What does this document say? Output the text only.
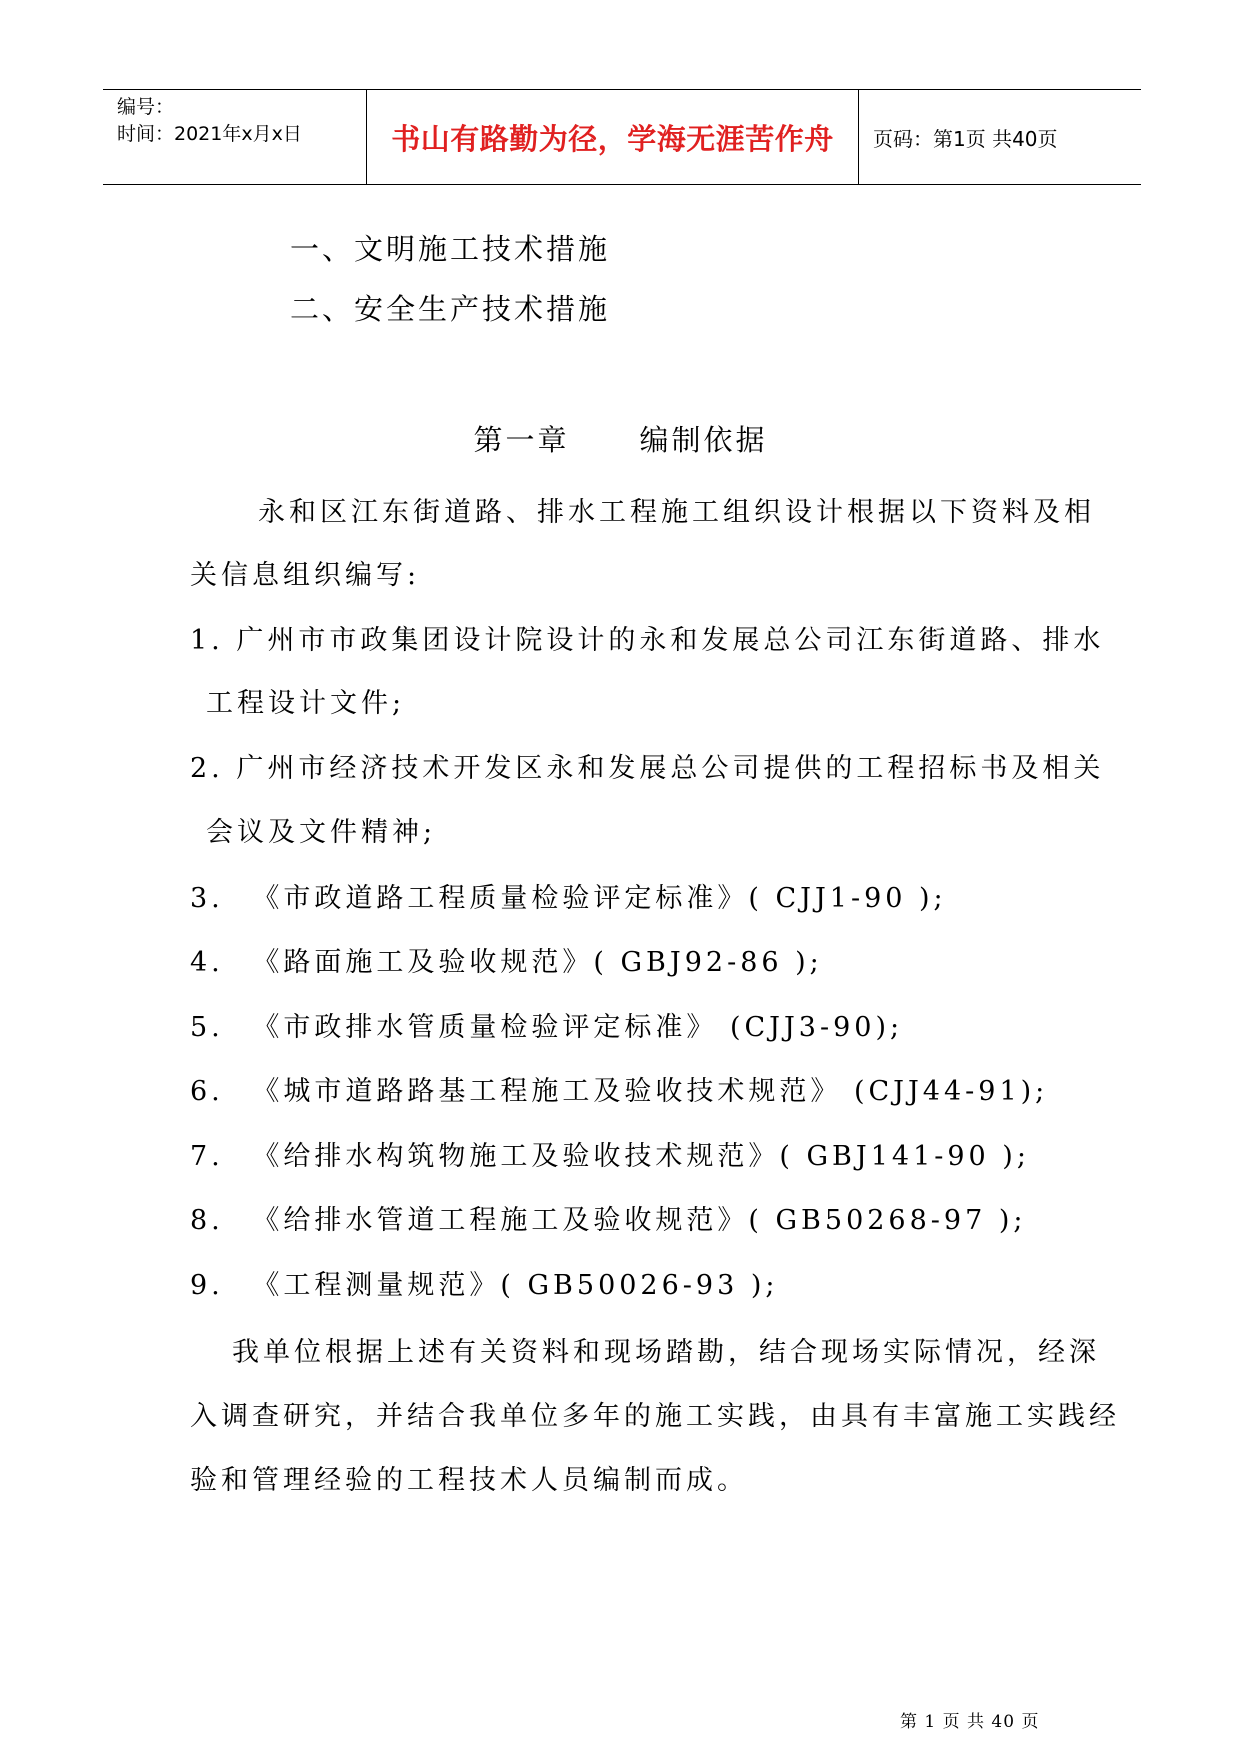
编号：
时间：2021年x月x日	书山有路勤为径，学海无涯苦作舟	页码：第1页 共40页
一、文明施工技术措施
二、安全生产技术措施
第一章 编制依据
永和区江东街道路、排水工程施工组织设计根据以下资料及相
关信息组织编写:
1. 广州市市政集团设计院设计的永和发展总公司江东街道路、排水
工程设计文件;
2. 广州市经济技术开发区永和发展总公司提供的工程招标书及相关
会议及文件精神;
3. 《市政道路工程质量检验评定标准》( CJJ1-90 );
4. 《路面施工及验收规范》( GBJ92-86 );
5. 《市政排水管质量检验评定标准》 (CJJ3-90);
6. 《城市道路路基工程施工及验收技术规范》 (CJJ44-91);
7. 《给排水构筑物施工及验收技术规范》( GBJ141-90 );
8. 《给排水管道工程施工及验收规范》( GB50268-97 );
9. 《工程测量规范》( GB50026-93 );
我单位根据上述有关资料和现场踏勘，结合现场实际情况，经深
入调查研究，并结合我单位多年的施工实践，由具有丰富施工实践经
验和管理经验的工程技术人员编制而成。
第 1 页 共 40 页
